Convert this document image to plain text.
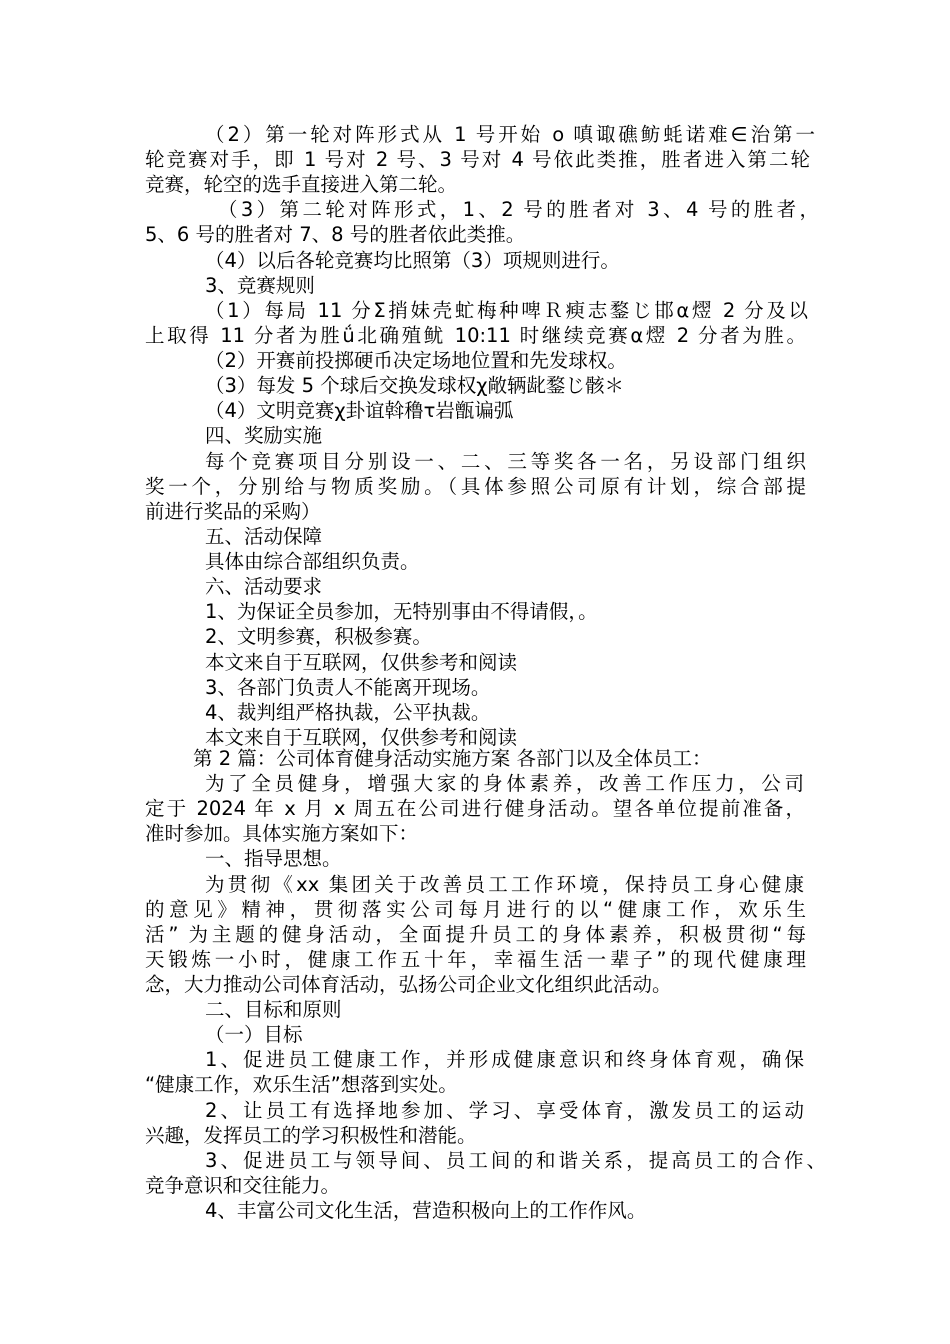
（2）第一轮对阵形式从 1 号开始 o 嗔诹礁鲂蚝诺难∈治第一
轮竞赛对手，即 1 号对 2 号、3 号对 4 号依此类推，胜者进入第二轮
竞赛，轮空的选手直接进入第二轮。
（3）第二轮对阵形式，1、2 号的胜者对 3、4 号的胜者，
5、6 号的胜者对 7、8 号的胜者依此类推。
（4）以后各轮竞赛均比照第（3）项规则进行。
3、竞赛规则
（1）每局 11 分Σ捎妹壳虻梅种啤Ｒ瘐志鍪じ邯α熤 2 分及以
上取得 11 分者为胜ǘ北确殖鱿 10:11 时继续竞赛α熤 2 分者为胜。
（2）开赛前投掷硬币决定场地位置和先发球权。
（3）每发 5 个球后交换发球权χ敞辆龀鍪じ骸＊
（4）文明竞赛χ卦谊斡穞τ岩甑谝弧
四、奖励实施
每个竞赛项目分别设一、二、三等奖各一名，另设部门组织
奖一个，分别给与物质奖励。（具体参照公司原有计划，综合部提
前进行奖品的采购）
五、活动保障
具体由综合部组织负责。
六、活动要求
1、为保证全员参加，无特别事由不得请假，。
2、文明参赛，积极参赛。
本文来自于互联网，仅供参考和阅读
3、各部门负责人不能离开现场。
4、裁判组严格执裁，公平执裁。
本文来自于互联网，仅供参考和阅读
第 2 篇：公司体育健身活动实施方案 各部门以及全体员工：
为了全员健身，增强大家的身体素养，改善工作压力，公司
定于 2024 年 x 月 x 周五在公司进行健身活动。望各单位提前准备，
准时参加。具体实施方案如下：
一、指导思想。
为贯彻《xx 集团关于改善员工工作环境，保持员工身心健康
的意见》精神，贯彻落实公司每月进行的以“健康工作，欢乐生
活” 为主题的健身活动，全面提升员工的身体素养，积极贯彻“每
天锻炼一小时，健康工作五十年，幸福生活一辈子”的现代健康理
念，大力推动公司体育活动，弘扬公司企业文化组织此活动。
二、目标和原则
（一）目标
1、促进员工健康工作，并形成健康意识和终身体育观，确保
“健康工作，欢乐生活”想落到实处。
2、让员工有选择地参加、学习、享受体育，激发员工的运动
兴趣，发挥员工的学习积极性和潜能。
3、促进员工与领导间、员工间的和谐关系，提高员工的合作、
竞争意识和交往能力。
4、丰富公司文化生活，营造积极向上的工作作风。
